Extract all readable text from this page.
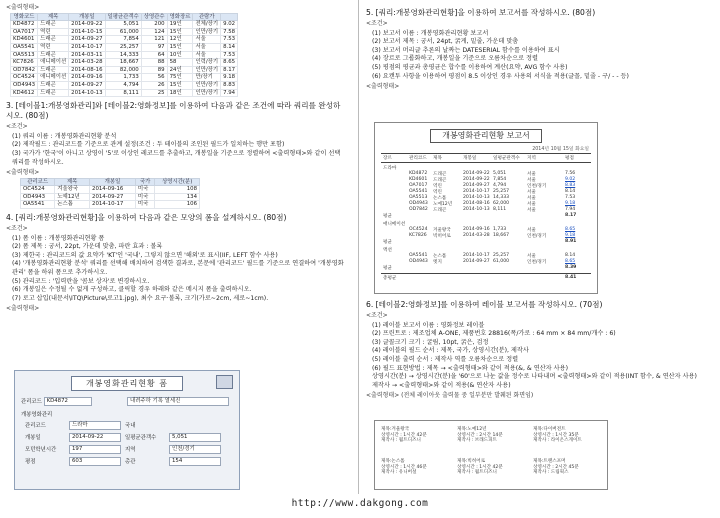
<출력형태>
영화코드	제목	개봉일	일평균관객수	상영관수	영화장르	관람가	
KD4872	드래곤	2014-09-22	5,051	200	19인	전체/장기	9.02
OA7017	역린	2014-10-15	61,000	124	15인	인만/장기	7.58
KD4601	드래곤	2014-09-27	7,854	121	12인	서울	7.53
OA5541	역린	2014-10-17	25,257	97	15인	서울	8.14
OA5513	드래곤	2014-03-11	14,333	64	10인	서울	7.53
KC7826	애니메이션	2014-03-28	18,667	88	58	인력/장기	8.65
OD7842	드래곤	2014-08-16	82,000	89	24인	인만/장기	8.17
OC4524	애니메이션	2014-09-16	1,733	56	75인	만/장기	9.18
OD4943	드래곤	2014-09-27	4,794	26	15인	인만/장기	8.83
KD4612	드래곤	2014-10-13	8,111	25	18인	인만/장기	7.94
3. [테이블1:개봉영화관리]와 [테이블2:영화정보]를 이용하여 다음과 같은 조건에 따라 쿼리를 완성하시오. (80점)
<조건>
(1) 쿼리 이름 : 개봉영화관리현황 분석
(2) 제작필드 : 관리코드를 기준으로 관계 설정(조건 : 두 테이블의 조인된 필드가 일치하는 행만 포함)
(3) 국가가 '한국'이 아니고 상영이 '5'로 이상인 레코드를 추출하고, 개봉일을 기준으로 정렬하여 <출력형태>와 같이 선택 쿼리를 작성하시오.
<출력형태>
관리코드	제목	개봉일	국가	상영시간(분)
OC4524	겨울왕국	2014-09-16	미국	108
OD4943	노예12년	2014-09-27	미국	134
OA5541	논스톱	2014-10-17	미국	106
4. [쿼리:개봉영화관리현황]을 이용하여 다음과 같은 모양의 폼을 설계하시오. (80점)
<조건>
(1) 폼 이름 : 개봉영화관리현황 폼
(2) 폼 제목 : 궁서, 22pt, 가운데 맞춤, 파란 효과 : 볼록
(3) 제한국 : 관리코드의 값 요약가 'KT'인 '국내', 그렇지 않으면 '해외'로 표시(IIF, LEFT 함수 사용)
(4) '개봉영화관리현황 분석' 쿼리를 선택해 배치하여 검색한 결과로, 본문에 '관리코드' 필드를 기준으로 연결하여 '개봉영화관리' 폼을 하위 폼으로 추가하시오.
(5) 관리코드 : '입력란을 '콤보 상자'로 변경하시오.
(6) 개봉일은 수정될 수 없게 구성하고, 클릭할 경우 하래와 같은 메시지 폼을 출력하시오.
(7) 로고 삽입(내문서\ITQ\Picture\로고1.jpg), 최수 요구·볼록, 크기(가로~2cm, 세로~1cm).
<출력형태>
개봉영화관리현황 폼
관리코드 KD4872	내려주하 기록 열세진
개봉영화관리
관리코드	드라마	국내
개봉일	2014-09-22	일평균관객수	5,051
모던학년시간	197	지역	인천/경기
평점	603	총관	154
5. [쿼리:개봉영화관리현황]을 이용하여 보고서를 작성하시오. (80점)
<조건>
(1) 보고서 이름 : 개봉영화관리현황 보고서
(2) 보고서 제목 : 궁서, 24pt, 굵게, 밑줄, 가운데 맞춤
(3) 보고서 머리글 추론의 날짜는 DATESERIAL 함수를 이용하여 표시
(4) 장르로 그룹화하고, 개봉일을 기준으로 오름차순으로 정렬
(5) 평점의 평균과 총평균은 합수를 이용하여 계산(요약, AVG 함수 사용)
(6) 요캔투 사항을 이용하여 평점이 8.5 이상인 경우 사용의 서식을 적용(글꼴, 밑줄 - 구/ - - 등)
<출력형태>
개봉영화관리현황 보고서
2014년 10월 15일 화요일
장르	관리코드 제목	개봉일	일평균관객수 지역	평점
드라마
KD4872 드래곤	2014-09-22 5,051	서울	7.56
KD4601 드래곤	2014-09-22 7,854	서울	9.02
OA7017 역린	2014-09-27 4,794	인천/경기	8.83
OA5541 역린	2014-10-17 25,257	서울	8.14
OA5513 논스톱	2014-10-13 14,333	서울	7.53
OD4943 노예12년 2014-08-16 62,000	서울	9.18
OD7842 드래곤	2014-10-13 8,111	서울	7.94
평균	8.17
애니메이션
OC4524 겨울왕국	2014-09-16 1,733	서울	8.65
KC7826 빅히어로	2014-03-28 18,667	인천/경기	9.18
평균	8.91
액션
OA5541 논스톱	2014-10-17 25,257	서울	8.14
OD4943 엣지	2014-09-27 61,000	인천/경기	8.65
평균	8.39
총평균	8.41
6. [테이블2:영화정보]를 이용하여 레이블 보고서를 작성하시오. (70점)
<조건>
(1) 레이블 보고서 이름 : 영화정보 레이블
(2) 프린트로 : 제조업체 A-ONE, 제품번호 28816(폭/가로 : 64 mm × 84 mm/개수 : 6)
(3) 글꼴크기 크기 : 굴림, 10pt, 굵은, 검정
(4) 레이블의 필드 순서 : 제목, 국가, 상영시간(분), 제작사
(5) 레이블 출력 순서 : 제작사 역를 오름차순으로 정렬
(6) 필드 표현방법 : 제목 → <출력형태>와 같이 적용(&, & 연산자 사용)
상영시간(분) → 상영시간(분)을 '60'으로 나눈 값을 정수로 나타내며 <출력형태>와 같이 적용(INT 함수, & 연산자 사용)
제작사 → <출력형태>와 같이 적용(& 연산자 사용)
<출력형태> (전체 레이아웃 출력물 중 일부분만 발췌된 화면임)
제목:겨울왕국
상영시간 : 1시간 42분
제작사 : 월트디즈니
제목:노예12년
상영시간 : 2시간 14분
제작사 : 브래드피트
제목:다이버전트
상영시간 : 1시간 35분
제작사 : 라이온스게이트
제목:논스톱
상영시간 : 1시간 46분
제작사 : 유니버설
제목:빅히어로
상영시간 : 1시간 42분
제작사 : 월트디즈니
제목:트랜스포머
상영시간 : 2시간 45분
제작사 : 드림웍스
http://www.dakgong.com
